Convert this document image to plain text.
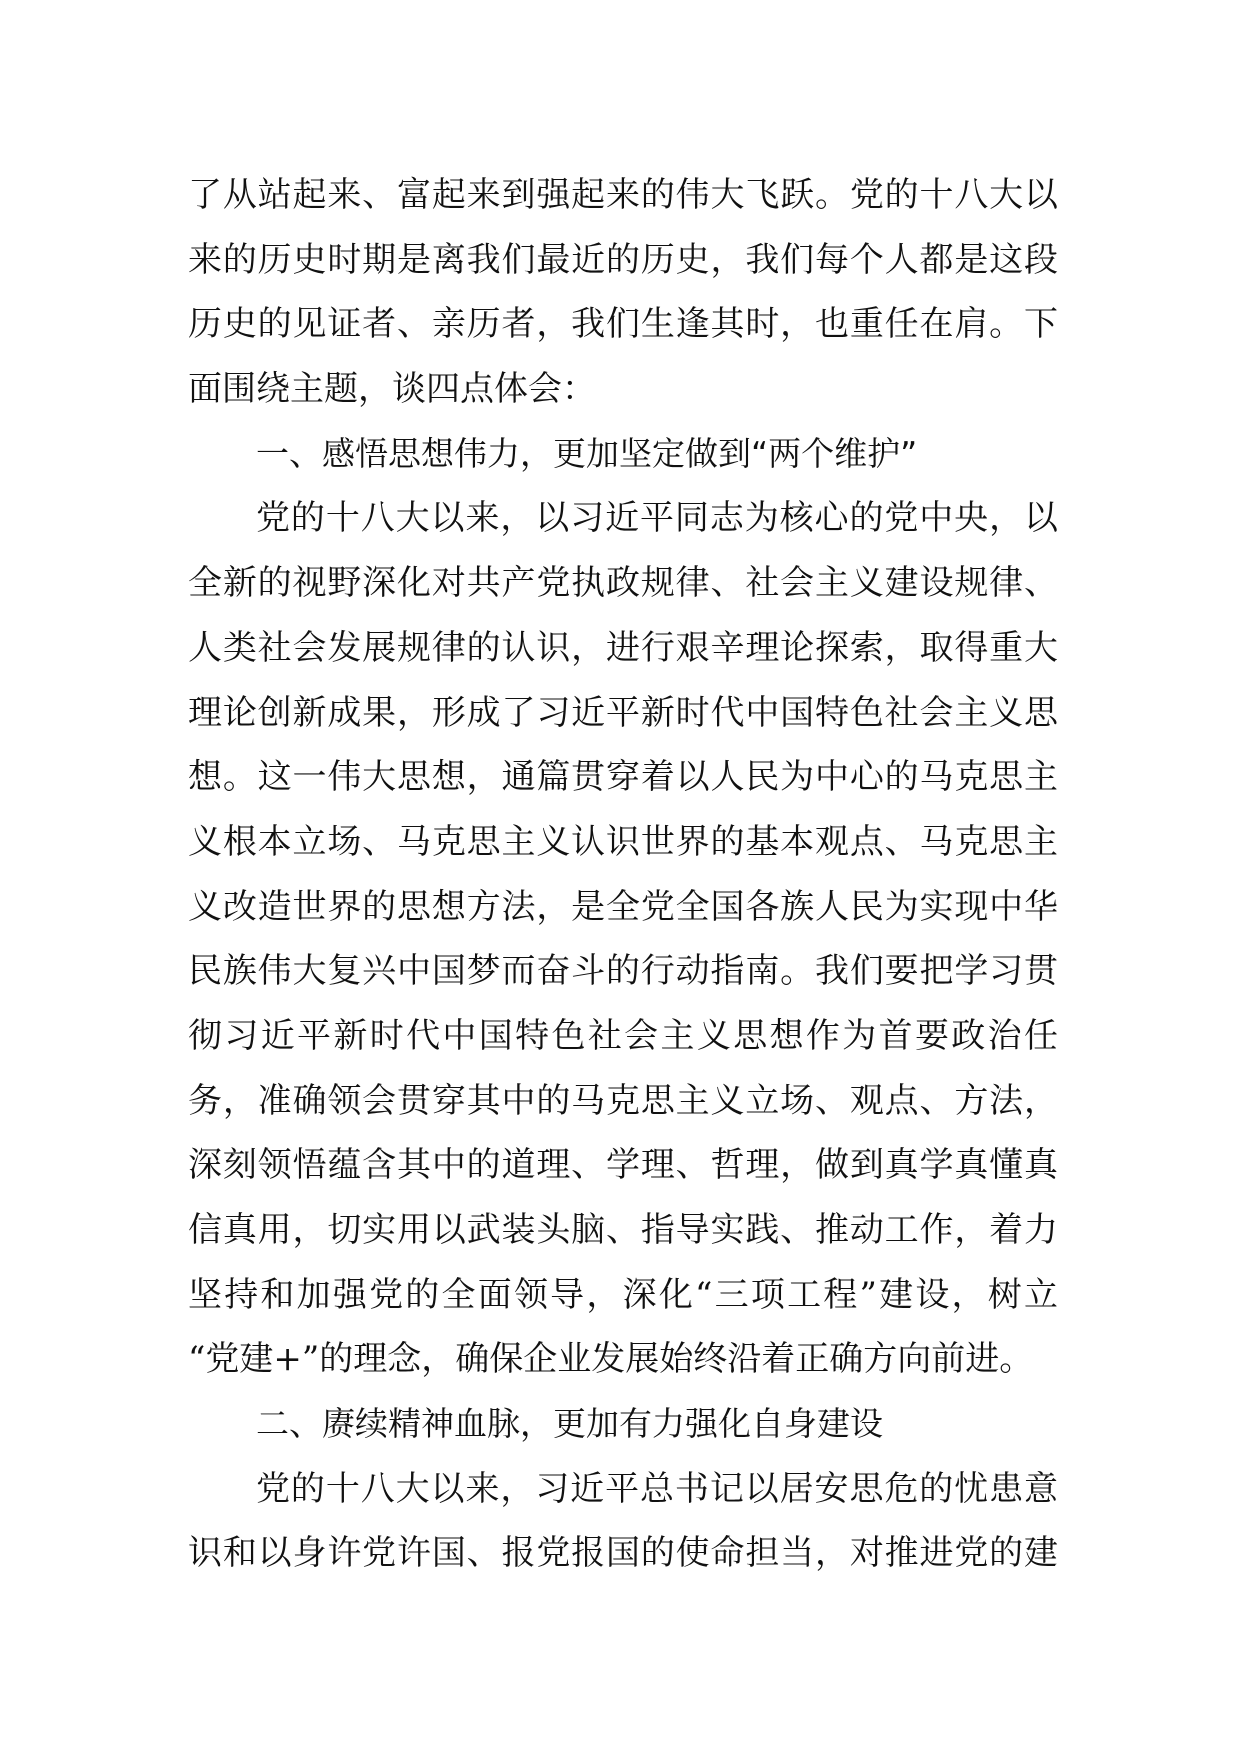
了从站起来、富起来到强起来的伟大飞跃。党的十八大以
来的历史时期是离我们最近的历史，我们每个人都是这段
历史的见证者、亲历者，我们生逢其时，也重任在肩。下
面围绕主题，谈四点体会：
一、感悟思想伟力，更加坚定做到“两个维护”
党的十八大以来，以习近平同志为核心的党中央，以
全新的视野深化对共产党执政规律、社会主义建设规律、
人类社会发展规律的认识，进行艰辛理论探索，取得重大
理论创新成果，形成了习近平新时代中国特色社会主义思
想。这一伟大思想，通篇贯穿着以人民为中心的马克思主
义根本立场、马克思主义认识世界的基本观点、马克思主
义改造世界的思想方法，是全党全国各族人民为实现中华
民族伟大复兴中国梦而奋斗的行动指南。我们要把学习贯
彻习近平新时代中国特色社会主义思想作为首要政治任
务，准确领会贯穿其中的马克思主义立场、观点、方法，
深刻领悟蕴含其中的道理、学理、哲理，做到真学真懂真
信真用，切实用以武装头脑、指导实践、推动工作，着力
坚持和加强党的全面领导，深化“三项工程”建设，树立
“党建+”的理念，确保企业发展始终沿着正确方向前进。
二、赓续精神血脉，更加有力强化自身建设
党的十八大以来，习近平总书记以居安思危的忧患意
识和以身许党许国、报党报国的使命担当，对推进党的建
